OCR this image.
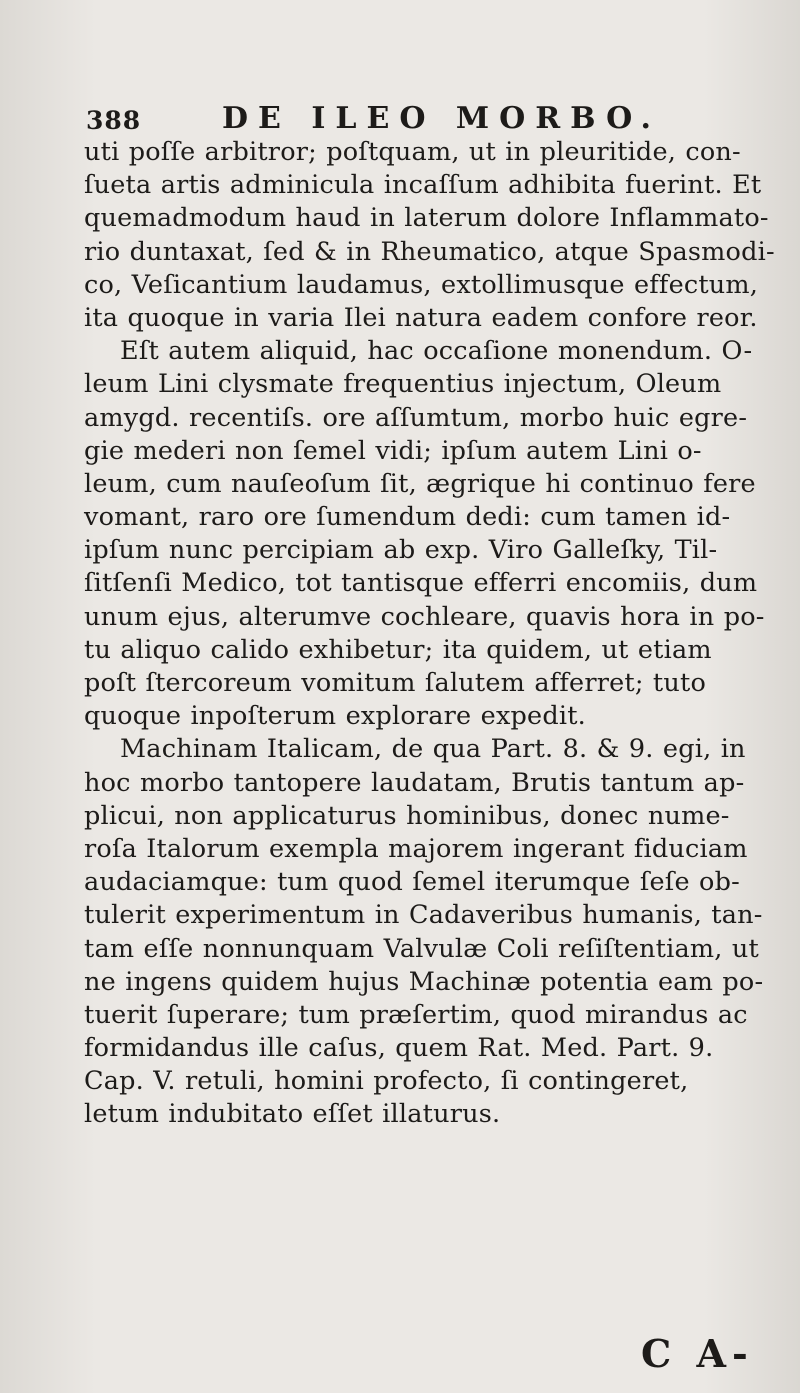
388	DE ILEO MORBO.
uti poſſe arbitror; poſtquam, ut in pleuritide, con-
ſueta artis adminicula incaſſum adhibita fuerint. Et
quemadmodum haud in laterum dolore Inflammato-
rio duntaxat, ſed & in Rheumatico, atque Spasmodi-
co, Veſicantium laudamus, extollimusque effectum,
ita quoque in varia Ilei natura eadem confore reor.
Eſt autem aliquid, hac occaſione monendum. O-
leum Lini clysmate frequentius injectum, Oleum
amygd. recentiſs. ore aſſumtum, morbo huic egre-
gie mederi non ſemel vidi; ipſum autem Lini o-
leum, cum nauſeoſum ſit, ægrique hi continuo fere
vomant, raro ore ſumendum dedi: cum tamen id-
ipſum nunc percipiam ab exp. Viro Galleſky, Til-
ſitſenſi Medico, tot tantisque efferri encomiis, dum
unum ejus, alterumve cochleare, quavis hora in po-
tu aliquo calido exhibetur; ita quidem, ut etiam
poſt ſtercoreum vomitum ſalutem afferret; tuto
quoque inpoſterum explorare expedit.
Machinam Italicam, de qua Part. 8. & 9. egi, in
hoc morbo tantopere laudatam, Brutis tantum ap-
plicui, non applicaturus hominibus, donec nume-
roſa Italorum exempla majorem ingerant fiduciam
audaciamque: tum quod ſemel iterumque ſeſe ob-
tulerit experimentum in Cadaveribus humanis, tan-
tam eſſe nonnunquam Valvulæ Coli reſiſtentiam, ut
ne ingens quidem hujus Machinæ potentia eam po-
tuerit ſuperare; tum præſertim, quod mirandus ac
formidandus ille caſus, quem Rat. Med. Part. 9.
Cap. V. retuli, homini profecto, ſi contingeret,
letum indubitato eſſet illaturus.
C A-
